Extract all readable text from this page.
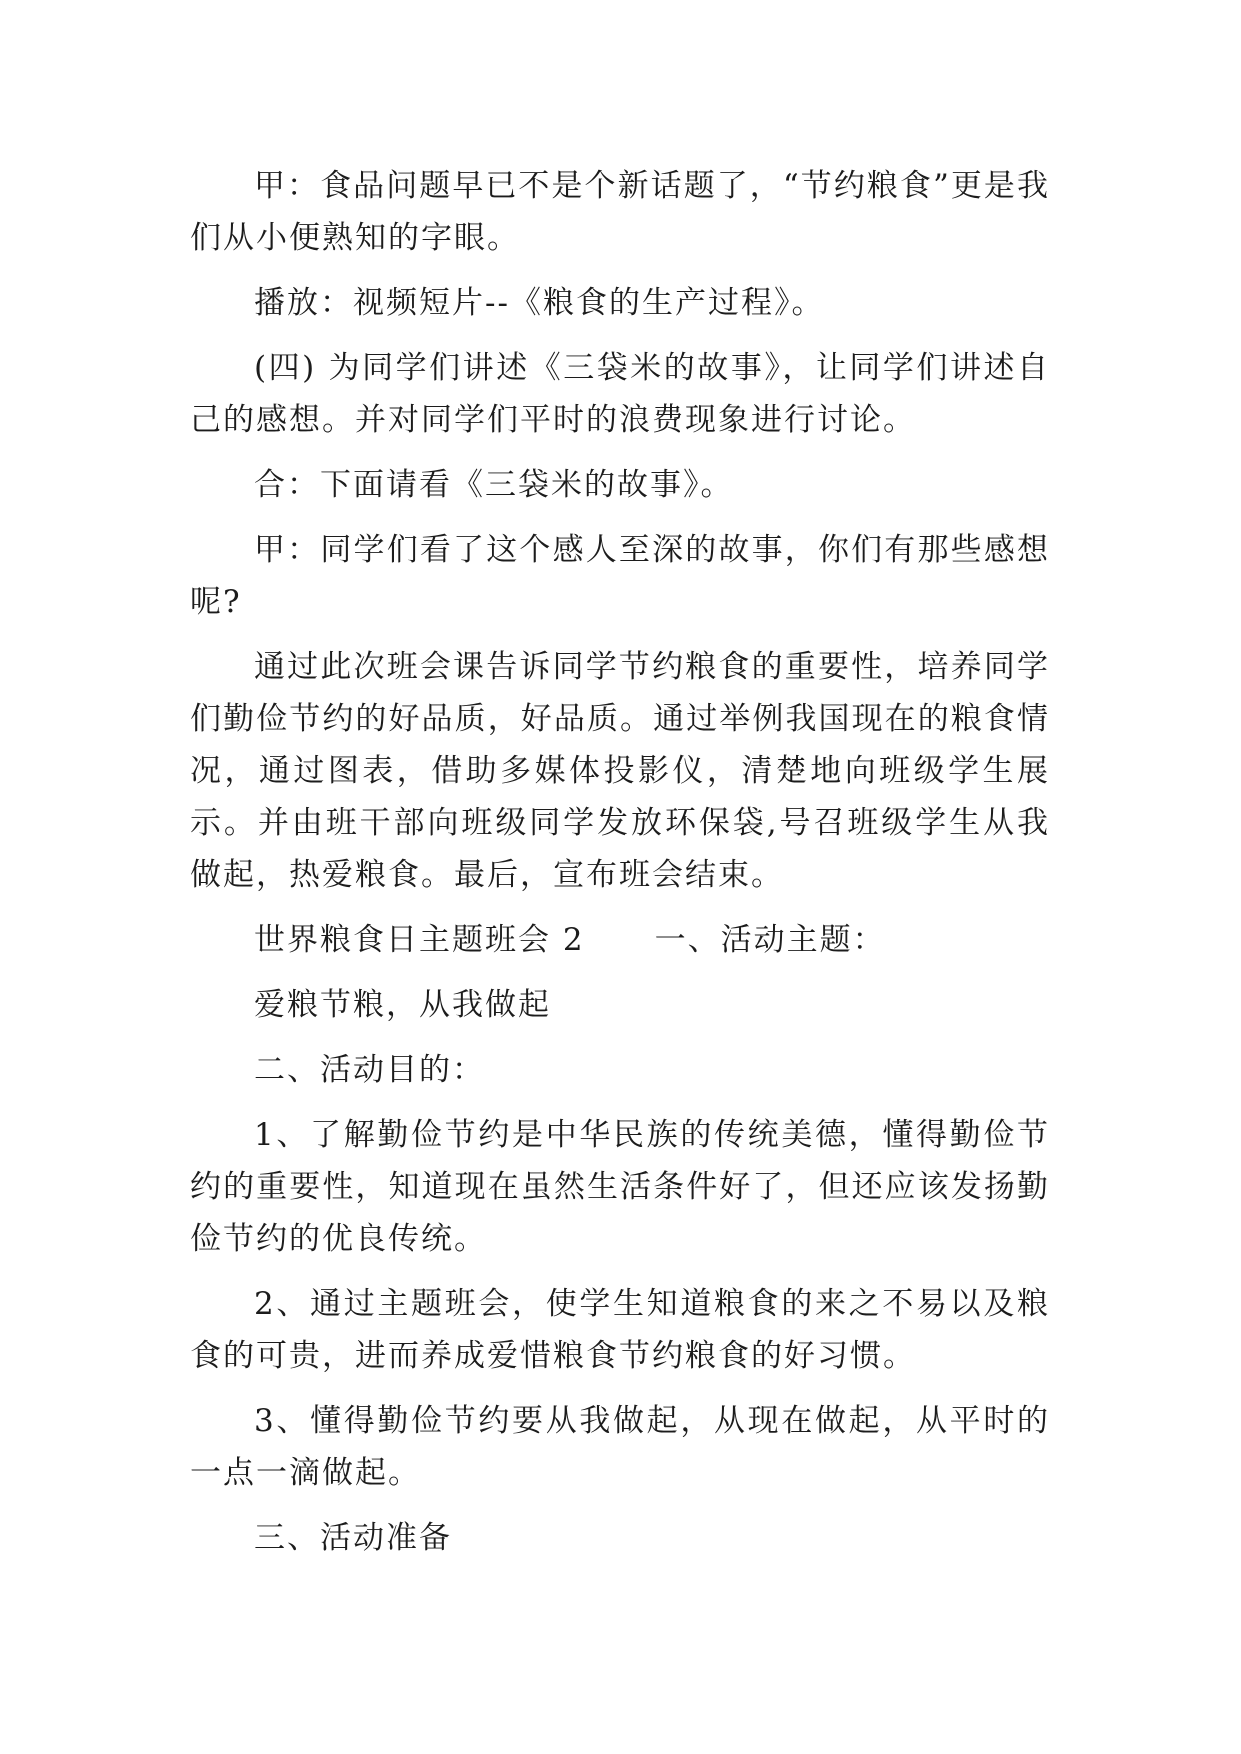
甲：食品问题早已不是个新话题了，“节约粮食”更是我们从小便熟知的字眼。

播放：视频短片--《粮食的生产过程》。

(四) 为同学们讲述《三袋米的故事》，让同学们讲述自己的感想。并对同学们平时的浪费现象进行讨论。

合：下面请看《三袋米的故事》。

甲：同学们看了这个感人至深的故事，你们有那些感想呢?

通过此次班会课告诉同学节约粮食的重要性，培养同学们勤俭节约的好品质，好品质。通过举例我国现在的粮食情况，通过图表，借助多媒体投影仪，清楚地向班级学生展示。并由班干部向班级同学发放环保袋,号召班级学生从我做起，热爱粮食。最后，宣布班会结束。

世界粮食日主题班会 2 一、活动主题：

爱粮节粮，从我做起

二、活动目的：

1、了解勤俭节约是中华民族的传统美德，懂得勤俭节约的重要性，知道现在虽然生活条件好了，但还应该发扬勤俭节约的优良传统。

2、通过主题班会，使学生知道粮食的来之不易以及粮食的可贵，进而养成爱惜粮食节约粮食的好习惯。

3、懂得勤俭节约要从我做起，从现在做起，从平时的一点一滴做起。

三、活动准备
